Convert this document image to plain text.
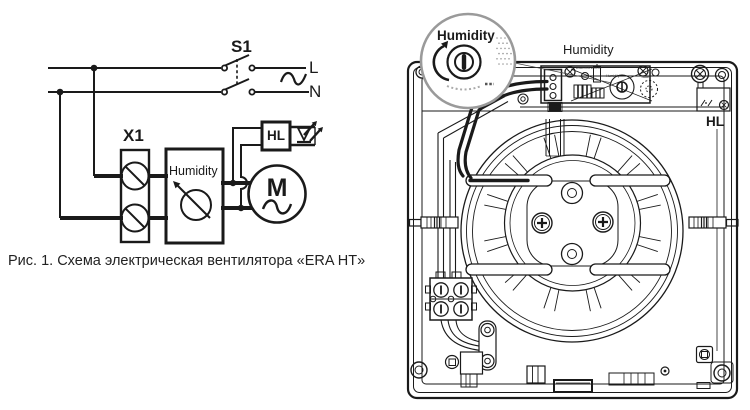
S1
L
N
X1
Humidity
HL
M
Рис. 1. Схема электрическая вентилятора «ERA HT»
Humidity
Humidity
HL
www.era-vent.ru
Humidity	Time
